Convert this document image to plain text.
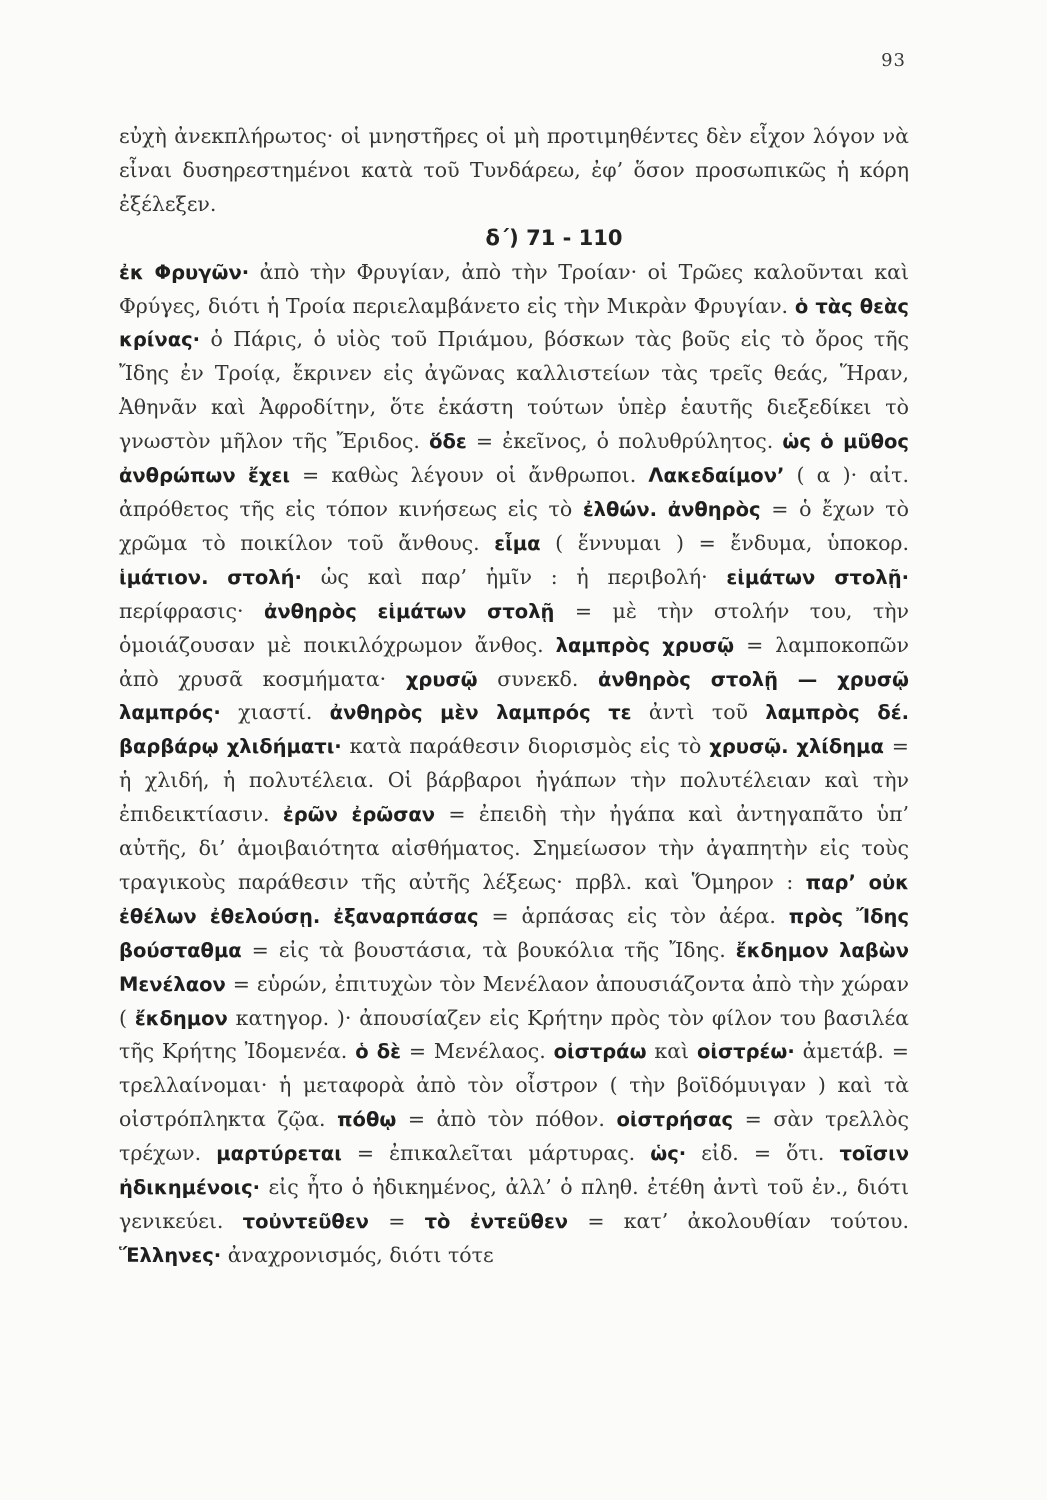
93

εὐχὴ ἀνεκπλήρωτος· οἱ μνηστῆρες οἱ μὴ προτιμηθέντες δὲν εἶχον λόγον νὰ εἶναι δυσηρεστημένοι κατὰ τοῦ Τυνδάρεω, ἐφ’ ὅσον προσωπικῶς ἡ κόρη ἐξέλεξεν.

δ΄) 71 - 110

ἐκ Φρυγῶν· ἀπὸ τὴν Φρυγίαν, ἀπὸ τὴν Τροίαν· οἱ Τρῶες καλοῦνται καὶ Φρύγες, διότι ἡ Τροία περιελαμβάνετο εἰς τὴν Μικρὰν Φρυγίαν. ὁ τὰς θεὰς κρίνας· ὁ Πάρις, ὁ υἱὸς τοῦ Πριάμου, βόσκων τὰς βοῦς εἰς τὸ ὄρος τῆς Ἴδης ἐν Τροίᾳ, ἔκρινεν εἰς ἀγῶνας καλλιστείων τὰς τρεῖς θεάς, Ἥραν, Ἀθηνᾶν καὶ Ἀφροδίτην, ὅτε ἑκάστη τούτων ὑπὲρ ἑαυτῆς διεξεδίκει τὸ γνωστὸν μῆλον τῆς Ἔριδος. ὅδε = ἐκεῖνος, ὁ πολυθρύλητος. ὡς ὁ μῦθος ἀνθρώπων ἔχει = καθὼς λέγουν οἱ ἄνθρωποι. Λακεδαίμον’ ( α )· αἰτ. ἀπρόθετος τῆς εἰς τόπον κινήσεως εἰς τὸ ἐλθών. ἀνθηρὸς = ὁ ἔχων τὸ χρῶμα τὸ ποικίλον τοῦ ἄνθους. εἷμα ( ἕννυμαι ) = ἔνδυμα, ὑποκορ. ἱμάτιον. στολή· ὡς καὶ παρ’ ἡμῖν : ἡ περιβολή· εἱμάτων στολῇ· περίφρασις· ἀνθηρὸς εἱμάτων στολῇ = μὲ τὴν στολήν του, τὴν ὁμοιάζουσαν μὲ ποικιλόχρωμον ἄνθος. λαμπρὸς χρυσῷ = λαμποκοπῶν ἀπὸ χρυσᾶ κοσμήματα· χρυσῷ συνεκδ. ἀνθηρὸς στολῇ — χρυσῷ λαμπρός· χιαστί. ἀνθηρὸς μὲν λαμπρός τε ἀντὶ τοῦ λαμπρὸς δέ. βαρβάρῳ χλιδήματι· κατὰ παράθεσιν διορισμὸς εἰς τὸ χρυσῷ. χλίδημα = ἡ χλιδή, ἡ πολυτέλεια. Οἱ βάρβαροι ἠγάπων τὴν πολυτέλειαν καὶ τὴν ἐπιδεικτίασιν. ἐρῶν ἐρῶσαν = ἐπειδὴ τὴν ἠγάπα καὶ ἀντηγαπᾶτο ὑπ’ αὐτῆς, δι’ ἀμοιβαιότητα αἰσθήματος. Σημείωσον τὴν ἀγαπητὴν εἰς τοὺς τραγικοὺς παράθεσιν τῆς αὐτῆς λέξεως· πρβλ. καὶ Ὅμηρον : παρ’ οὐκ ἐθέλων ἐθελούσῃ. ἐξαναρπάσας = ἁρπάσας εἰς τὸν ἀέρα. πρὸς Ἴδης βούσταθμα = εἰς τὰ βουστάσια, τὰ βουκόλια τῆς Ἴδης. ἔκδημον λαβὼν Μενέλαον = εὑρών, ἐπιτυχὼν τὸν Μενέλαον ἀπουσιάζοντα ἀπὸ τὴν χώραν ( ἔκδημον κατηγορ. )· ἀπουσίαζεν εἰς Κρήτην πρὸς τὸν φίλον του βασιλέα τῆς Κρήτης Ἰδομενέα. ὁ δὲ = Μενέλαος. οἰστράω καὶ οἰστρέω· ἀμετάβ. = τρελλαίνομαι· ἡ μεταφορὰ ἀπὸ τὸν οἶστρον ( τὴν βοϊδόμυιγαν ) καὶ τὰ οἰστρόπληκτα ζῷα. πόθῳ = ἀπὸ τὸν πόθον. οἰστρήσας = σὰν τρελλὸς τρέχων. μαρτύρεται = ἐπικαλεῖται μάρτυρας. ὡς· εἰδ. = ὅτι. τοῖσιν ἠδικημένοις· εἰς ἦτο ὁ ἠδικημένος, ἀλλ’ ὁ πληθ. ἐτέθη ἀντὶ τοῦ ἐν., διότι γενικεύει. τοὐντεῦθεν = τὸ ἐντεῦθεν = κατ’ ἀκολουθίαν τούτου. Ἕλληνες· ἀναχρονισμός, διότι τότε
